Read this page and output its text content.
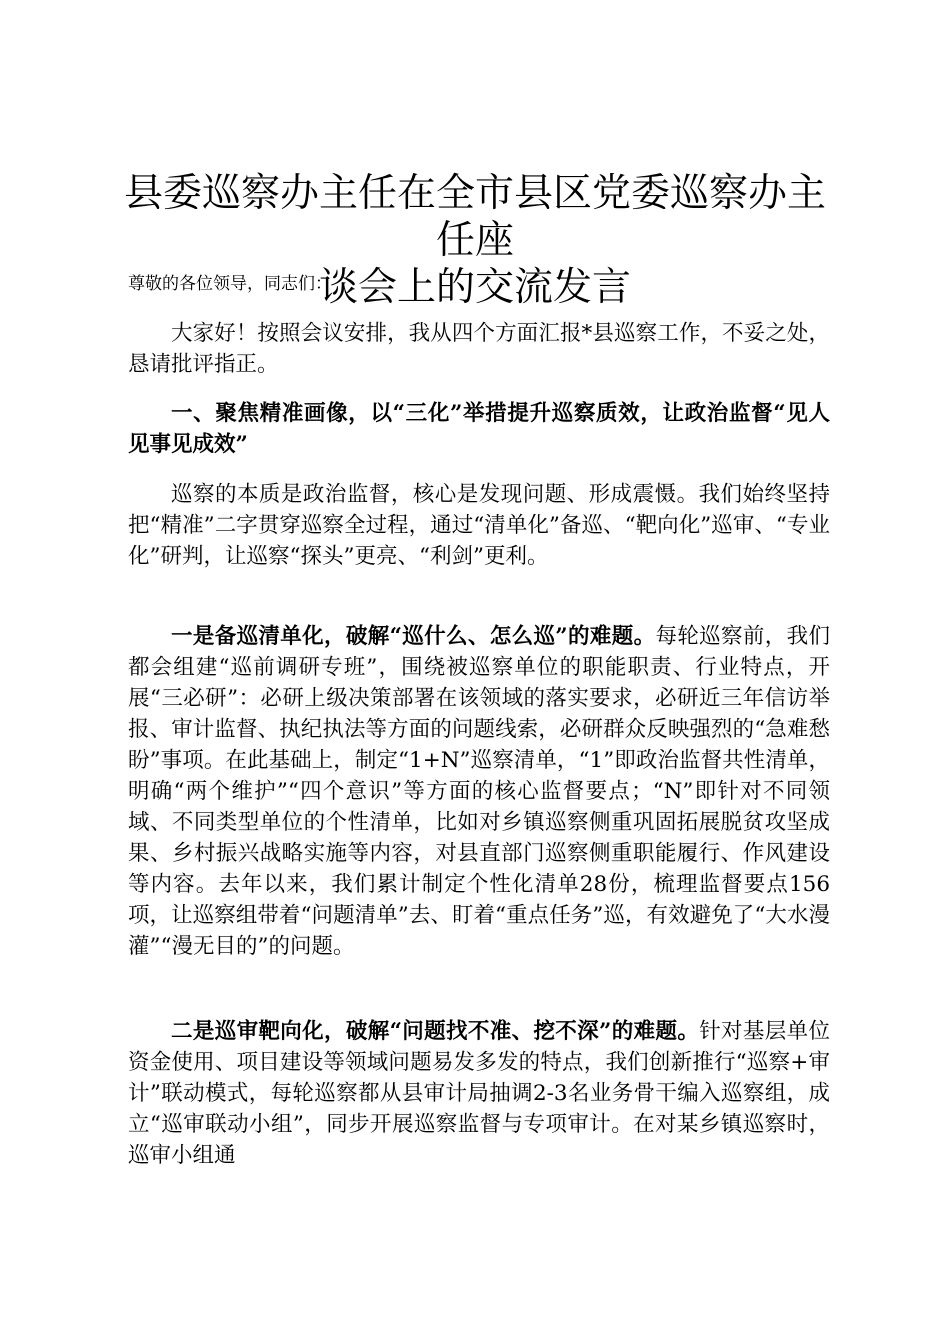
县委巡察办主任在全市县区党委巡察办主任座
谈会上的交流发言

尊敬的各位领导，同志们：

大家好！按照会议安排，我从四个方面汇报*县巡察工作，不妥之处，恳请批评指正。

一、聚焦精准画像，以“三化”举措提升巡察质效，让政治监督“见人见事见成效”

巡察的本质是政治监督，核心是发现问题、形成震慑。我们始终坚持把“精准”二字贯穿巡察全过程，通过“清单化”备巡、“靶向化”巡审、“专业化”研判，让巡察“探头”更亮、“利剑”更利。

一是备巡清单化，破解“巡什么、怎么巡”的难题。每轮巡察前，我们都会组建“巡前调研专班”，围绕被巡察单位的职能职责、行业特点，开展“三必研”：必研上级决策部署在该领域的落实要求，必研近三年信访举报、审计监督、执纪执法等方面的问题线索，必研群众反映强烈的“急难愁盼”事项。在此基础上，制定“1+N”巡察清单，“1”即政治监督共性清单，明确“两个维护”“四个意识”等方面的核心监督要点；“N”即针对不同领域、不同类型单位的个性清单，比如对乡镇巡察侧重巩固拓展脱贫攻坚成果、乡村振兴战略实施等内容，对县直部门巡察侧重职能履行、作风建设等内容。去年以来，我们累计制定个性化清单28份，梳理监督要点156项，让巡察组带着“问题清单”去、盯着“重点任务”巡，有效避免了“大水漫灌”“漫无目的”的问题。

二是巡审靶向化，破解“问题找不准、挖不深”的难题。针对基层单位资金使用、项目建设等领域问题易发多发的特点，我们创新推行“巡察+审计”联动模式，每轮巡察都从县审计局抽调2-3名业务骨干编入巡察组，成立“巡审联动小组”，同步开展巡察监督与专项审计。在对某乡镇巡察时，巡审小组通
